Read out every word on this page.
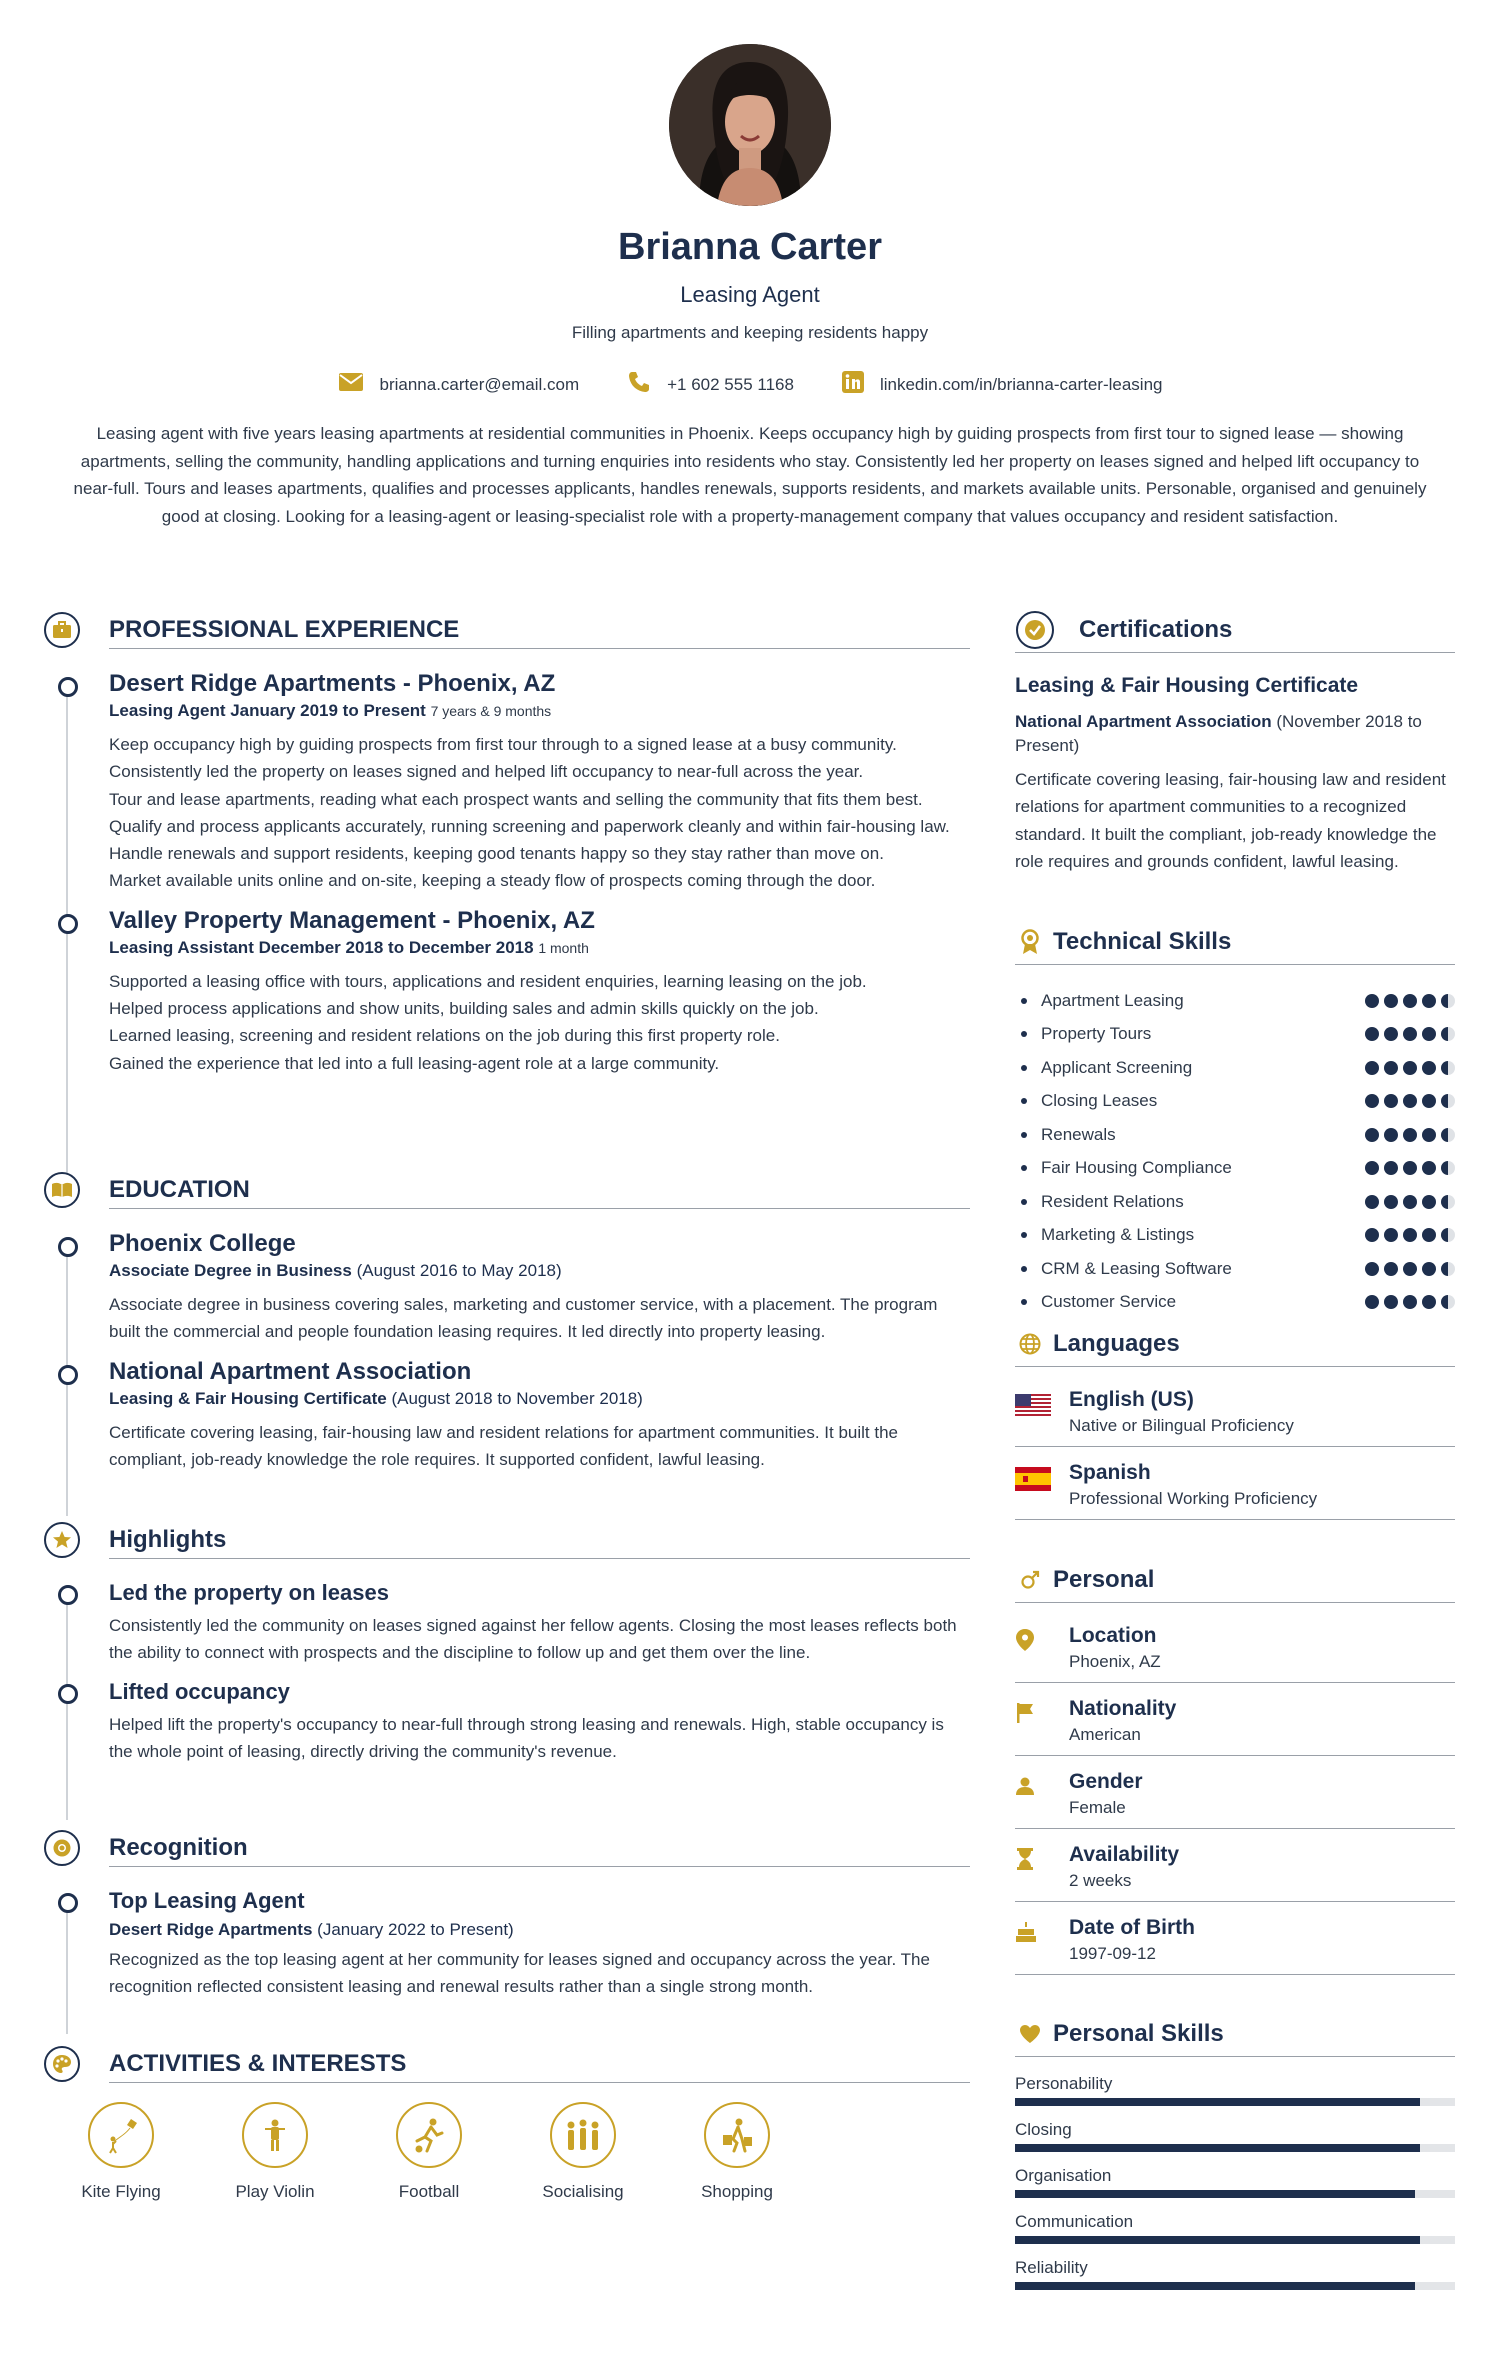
Brianna Carter
Leasing Agent
Filling apartments and keeping residents happy
brianna.carter@email.com	+1 602 555 1168	linkedin.com/in/brianna-carter-leasing
Leasing agent with five years leasing apartments at residential communities in Phoenix. Keeps occupancy high by guiding prospects from first tour to signed lease — showing apartments, selling the community, handling applications and turning enquiries into residents who stay. Consistently led her property on leases signed and helped lift occupancy to near-full. Tours and leases apartments, qualifies and processes applicants, handles renewals, supports residents, and markets available units. Personable, organised and genuinely good at closing. Looking for a leasing-agent or leasing-specialist role with a property-management company that values occupancy and resident satisfaction.
PROFESSIONAL EXPERIENCE
Desert Ridge Apartments - Phoenix, AZ
Leasing Agent January 2019 to Present 7 years & 9 months
Keep occupancy high by guiding prospects from first tour through to a signed lease at a busy community.
Consistently led the property on leases signed and helped lift occupancy to near-full across the year.
Tour and lease apartments, reading what each prospect wants and selling the community that fits them best.
Qualify and process applicants accurately, running screening and paperwork cleanly and within fair-housing law.
Handle renewals and support residents, keeping good tenants happy so they stay rather than move on.
Market available units online and on-site, keeping a steady flow of prospects coming through the door.
Valley Property Management - Phoenix, AZ
Leasing Assistant December 2018 to December 2018 1 month
Supported a leasing office with tours, applications and resident enquiries, learning leasing on the job.
Helped process applications and show units, building sales and admin skills quickly on the job.
Learned leasing, screening and resident relations on the job during this first property role.
Gained the experience that led into a full leasing-agent role at a large community.
EDUCATION
Phoenix College
Associate Degree in Business (August 2016 to May 2018)
Associate degree in business covering sales, marketing and customer service, with a placement. The program built the commercial and people foundation leasing requires. It led directly into property leasing.
National Apartment Association
Leasing & Fair Housing Certificate (August 2018 to November 2018)
Certificate covering leasing, fair-housing law and resident relations for apartment communities. It built the compliant, job-ready knowledge the role requires. It supported confident, lawful leasing.
Highlights
Led the property on leases
Consistently led the community on leases signed against her fellow agents. Closing the most leases reflects both the ability to connect with prospects and the discipline to follow up and get them over the line.
Lifted occupancy
Helped lift the property's occupancy to near-full through strong leasing and renewals. High, stable occupancy is the whole point of leasing, directly driving the community's revenue.
Recognition
Top Leasing Agent
Desert Ridge Apartments (January 2022 to Present)
Recognized as the top leasing agent at her community for leases signed and occupancy across the year. The recognition reflected consistent leasing and renewal results rather than a single strong month.
ACTIVITIES & INTERESTS
Kite Flying	Play Violin	Football	Socialising	Shopping
Certifications
Leasing & Fair Housing Certificate
National Apartment Association (November 2018 to Present)
Certificate covering leasing, fair-housing law and resident relations for apartment communities to a recognized standard. It built the compliant, job-ready knowledge the role requires and grounds confident, lawful leasing.
Technical Skills
Apartment Leasing
Property Tours
Applicant Screening
Closing Leases
Renewals
Fair Housing Compliance
Resident Relations
Marketing & Listings
CRM & Leasing Software
Customer Service
Languages
English (US)
Native or Bilingual Proficiency
Spanish
Professional Working Proficiency
Personal
Location
Phoenix, AZ
Nationality
American
Gender
Female
Availability
2 weeks
Date of Birth
1997-09-12
Personal Skills
Personability
Closing
Organisation
Communication
Reliability
